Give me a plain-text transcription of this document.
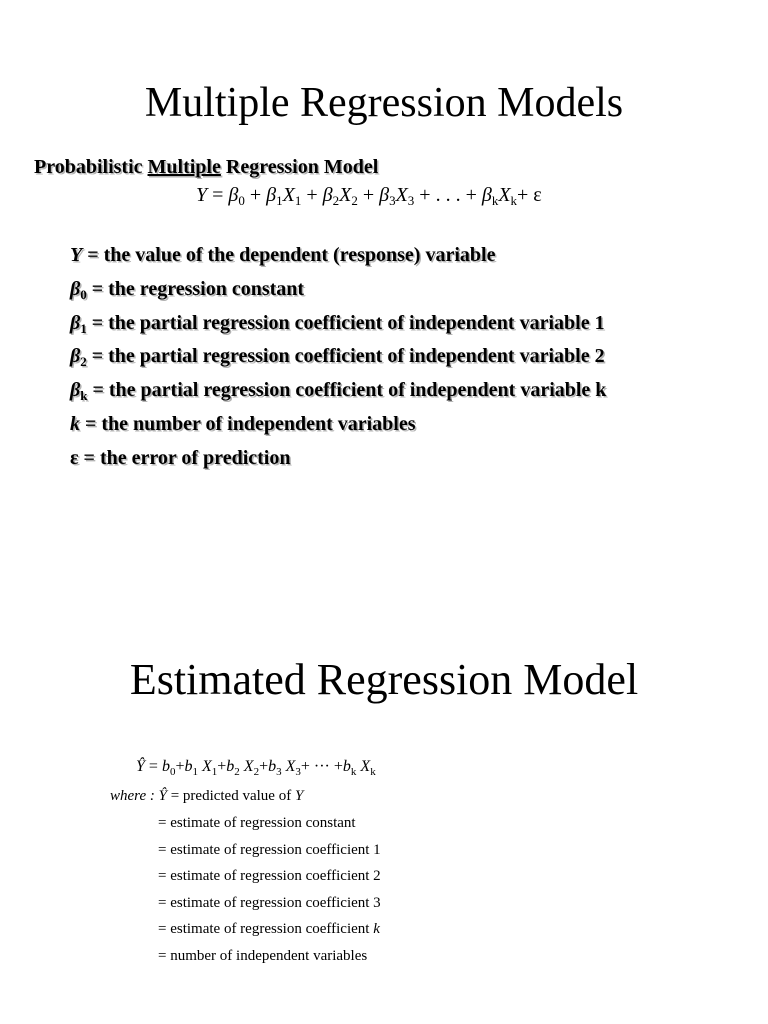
Multiple Regression Models
Probabilistic Multiple Regression Model
$Y = \beta_0 + \beta_1X_1 + \beta_2X_2 + \beta_3X_3$ + . . . + $\beta_kX_k+ \varepsilon$
Y = the value of the dependent (response) variable
$\beta_0$ = the regression constant
$\beta_1$ = the partial regression coefficient of independent variable 1
$\beta_2$ = the partial regression coefficient of independent variable 2
$\beta_k$ = the partial regression coefficient of independent variable k
k = the number of independent variables
ε = the error of prediction
Estimated Regression Model
Ŷ = $b_0+b_1$ $X_1+b_2$ $X_2+b_3$ $X_3+$ ··· $+b_k$ $X_k$
where : Ŷ = predicted value of Y
= estimate of regression constant
= estimate of regression coefficient 1
= estimate of regression coefficient 2
= estimate of regression coefficient 3
= estimate of regression coefficient k
= number of independent variables
